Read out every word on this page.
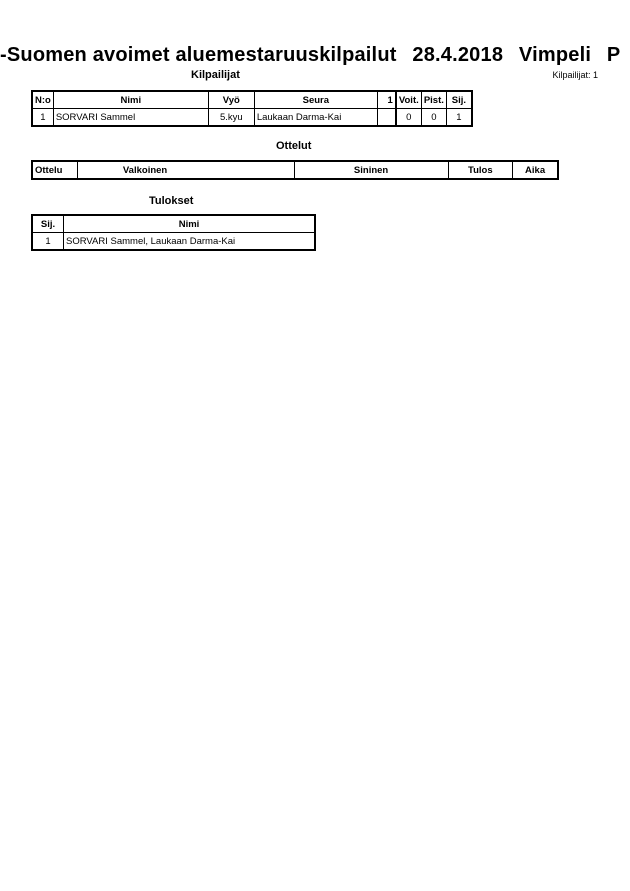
-Suomen avoimet aluemestaruuskilpailut 28.4.2018 Vimpeli P
Kilpailijat	Kilpailijat: 1
N:o	Nimi	Vyö	Seura	1	Voit.	Pist.	Sij.
1	SORVARI Sammel	5.kyu	Laukaan Darma-Kai		0	0	1
Ottelut
Ottelu	Valkoinen	Sininen	Tulos	Aika
Tulokset
Sij.	Nimi
1	SORVARI Sammel, Laukaan Darma-Kai
